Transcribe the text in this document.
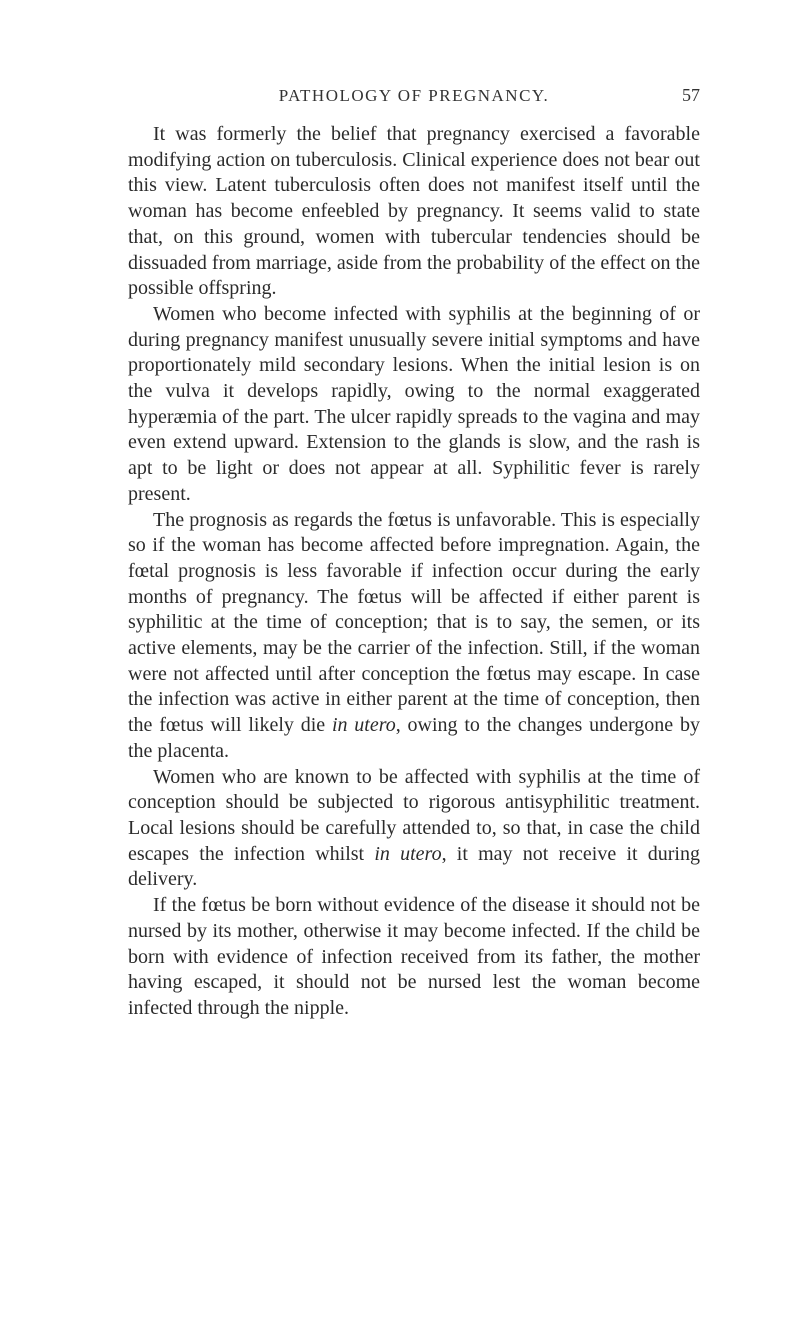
PATHOLOGY OF PREGNANCY.	57

It was formerly the belief that pregnancy exercised a favorable modifying action on tuberculosis. Clinical experience does not bear out this view. Latent tuberculosis often does not manifest itself until the woman has become enfeebled by pregnancy. It seems valid to state that, on this ground, women with tubercular tendencies should be dissuaded from marriage, aside from the probability of the effect on the possible offspring.

Women who become infected with syphilis at the beginning of or during pregnancy manifest unusually severe initial symptoms and have proportionately mild secondary lesions. When the initial lesion is on the vulva it develops rapidly, owing to the normal exaggerated hyperæmia of the part. The ulcer rapidly spreads to the vagina and may even extend upward. Extension to the glands is slow, and the rash is apt to be light or does not appear at all. Syphilitic fever is rarely present.

The prognosis as regards the fœtus is unfavorable. This is especially so if the woman has become affected before impregnation. Again, the fœtal prognosis is less favorable if infection occur during the early months of pregnancy. The fœtus will be affected if either parent is syphilitic at the time of conception; that is to say, the semen, or its active elements, may be the carrier of the infection. Still, if the woman were not affected until after conception the fœtus may escape. In case the infection was active in either parent at the time of conception, then the fœtus will likely die in utero, owing to the changes undergone by the placenta.

Women who are known to be affected with syphilis at the time of conception should be subjected to rigorous antisyphilitic treatment. Local lesions should be carefully attended to, so that, in case the child escapes the infection whilst in utero, it may not receive it during delivery.

If the fœtus be born without evidence of the disease it should not be nursed by its mother, otherwise it may become infected. If the child be born with evidence of infection received from its father, the mother having escaped, it should not be nursed lest the woman become infected through the nipple.
